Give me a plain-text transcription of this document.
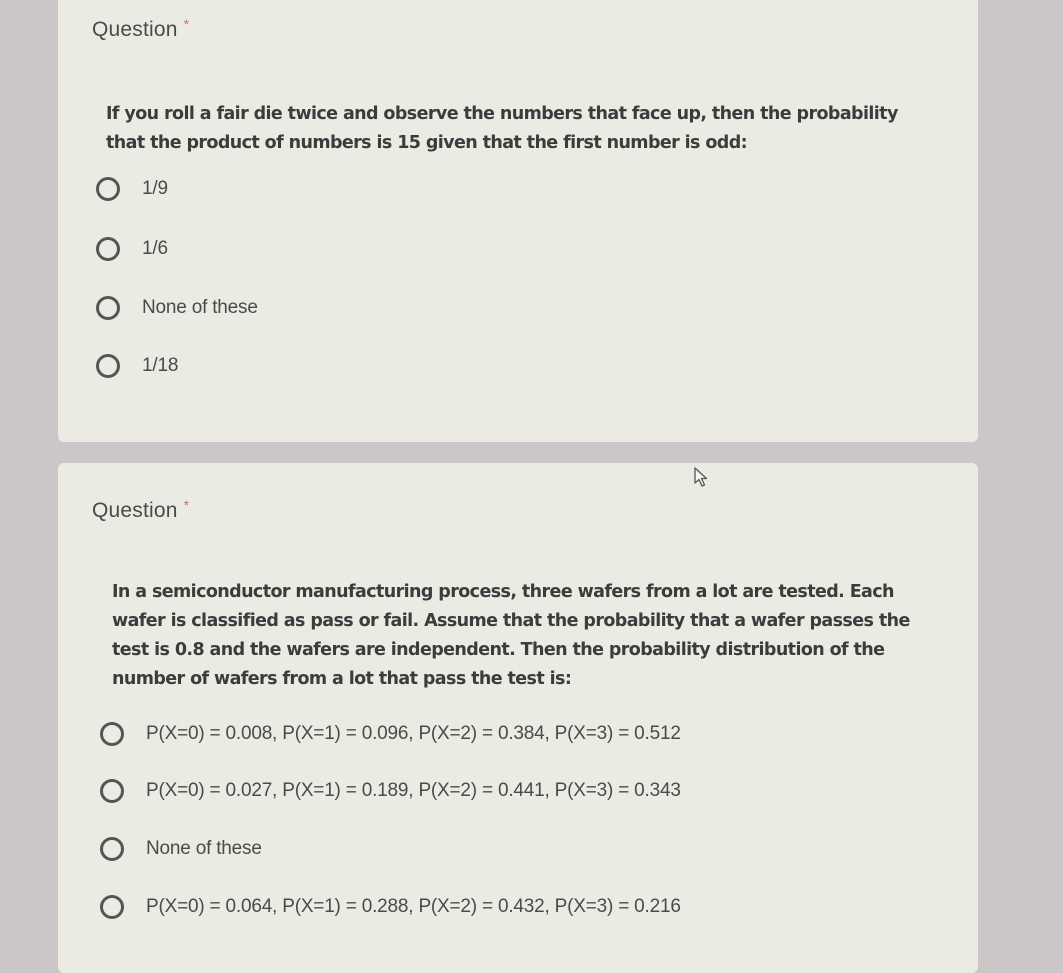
Question *
If you roll a fair die twice and observe the numbers that face up, then the probability
that the product of numbers is 15 given that the first number is odd:
1/9
1/6
None of these
1/18
Question *
In a semiconductor manufacturing process, three wafers from a lot are tested. Each
wafer is classified as pass or fail. Assume that the probability that a wafer passes the
test is 0.8 and the wafers are independent. Then the probability distribution of the
number of wafers from a lot that pass the test is:
P(X=0) = 0.008, P(X=1) = 0.096, P(X=2) = 0.384, P(X=3) = 0.512
P(X=0) = 0.027, P(X=1) = 0.189, P(X=2) = 0.441, P(X=3) = 0.343
None of these
P(X=0) = 0.064, P(X=1) = 0.288, P(X=2) = 0.432, P(X=3) = 0.216
